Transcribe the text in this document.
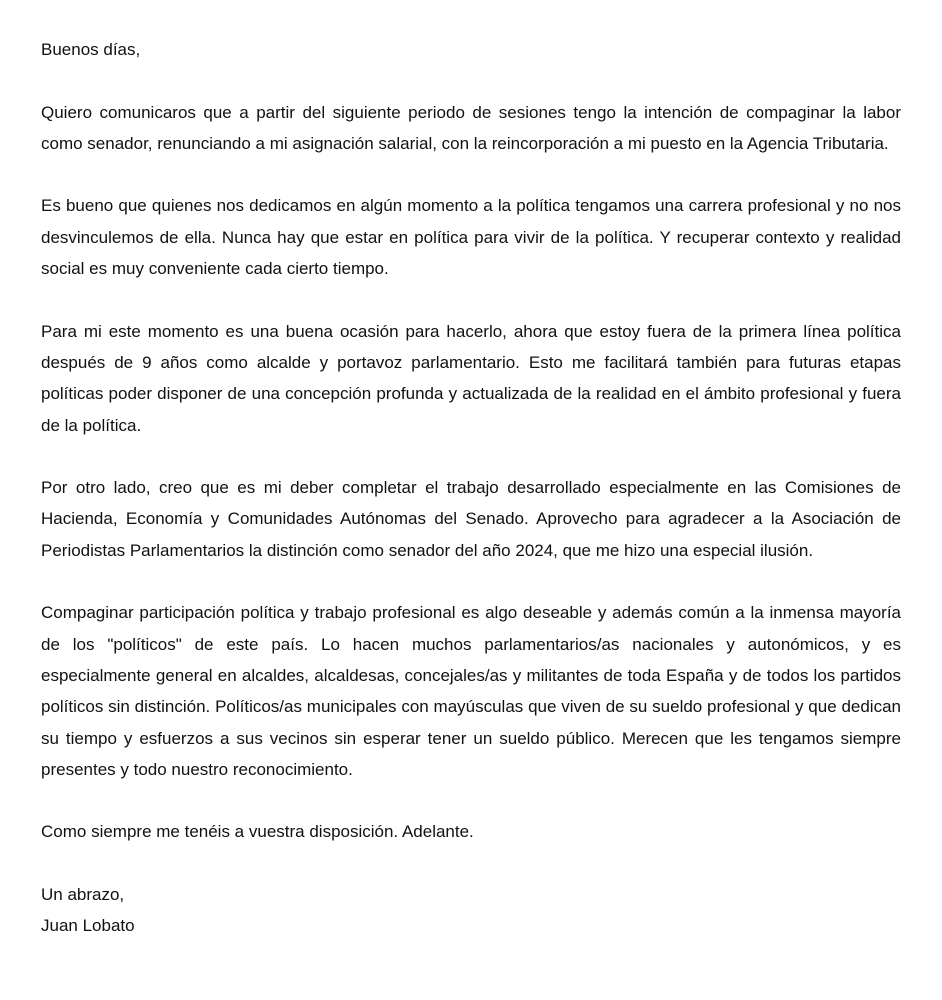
Buenos días,

Quiero comunicaros que a partir del siguiente periodo de sesiones tengo la intención de compaginar la labor como senador, renunciando a mi asignación salarial, con la reincorporación a mi puesto en la Agencia Tributaria.

Es bueno que quienes nos dedicamos en algún momento a la política tengamos una carrera profesional y no nos desvinculemos de ella. Nunca hay que estar en política para vivir de la política. Y recuperar contexto y realidad social es muy conveniente cada cierto tiempo.

Para mi este momento es una buena ocasión para hacerlo, ahora que estoy fuera de la primera línea política después de 9 años como alcalde y portavoz parlamentario. Esto me facilitará también para futuras etapas políticas poder disponer de una concepción profunda y actualizada de la realidad en el ámbito profesional y fuera de la política.

Por otro lado, creo que es mi deber completar el trabajo desarrollado especialmente en las Comisiones de Hacienda, Economía y Comunidades Autónomas del Senado. Aprovecho para agradecer a la Asociación de Periodistas Parlamentarios la distinción como senador del año 2024, que me hizo una especial ilusión.

Compaginar participación política y trabajo profesional es algo deseable y además común a la inmensa mayoría de los "políticos" de este país. Lo hacen muchos parlamentarios/as nacionales y autonómicos, y es especialmente general en alcaldes, alcaldesas, concejales/as y militantes de toda España y de todos los partidos políticos sin distinción. Políticos/as municipales con mayúsculas que viven de su sueldo profesional y que dedican su tiempo y esfuerzos a sus vecinos sin esperar tener un sueldo público. Merecen que les tengamos siempre presentes y todo nuestro reconocimiento.

Como siempre me tenéis a vuestra disposición. Adelante.

Un abrazo,

Juan Lobato
